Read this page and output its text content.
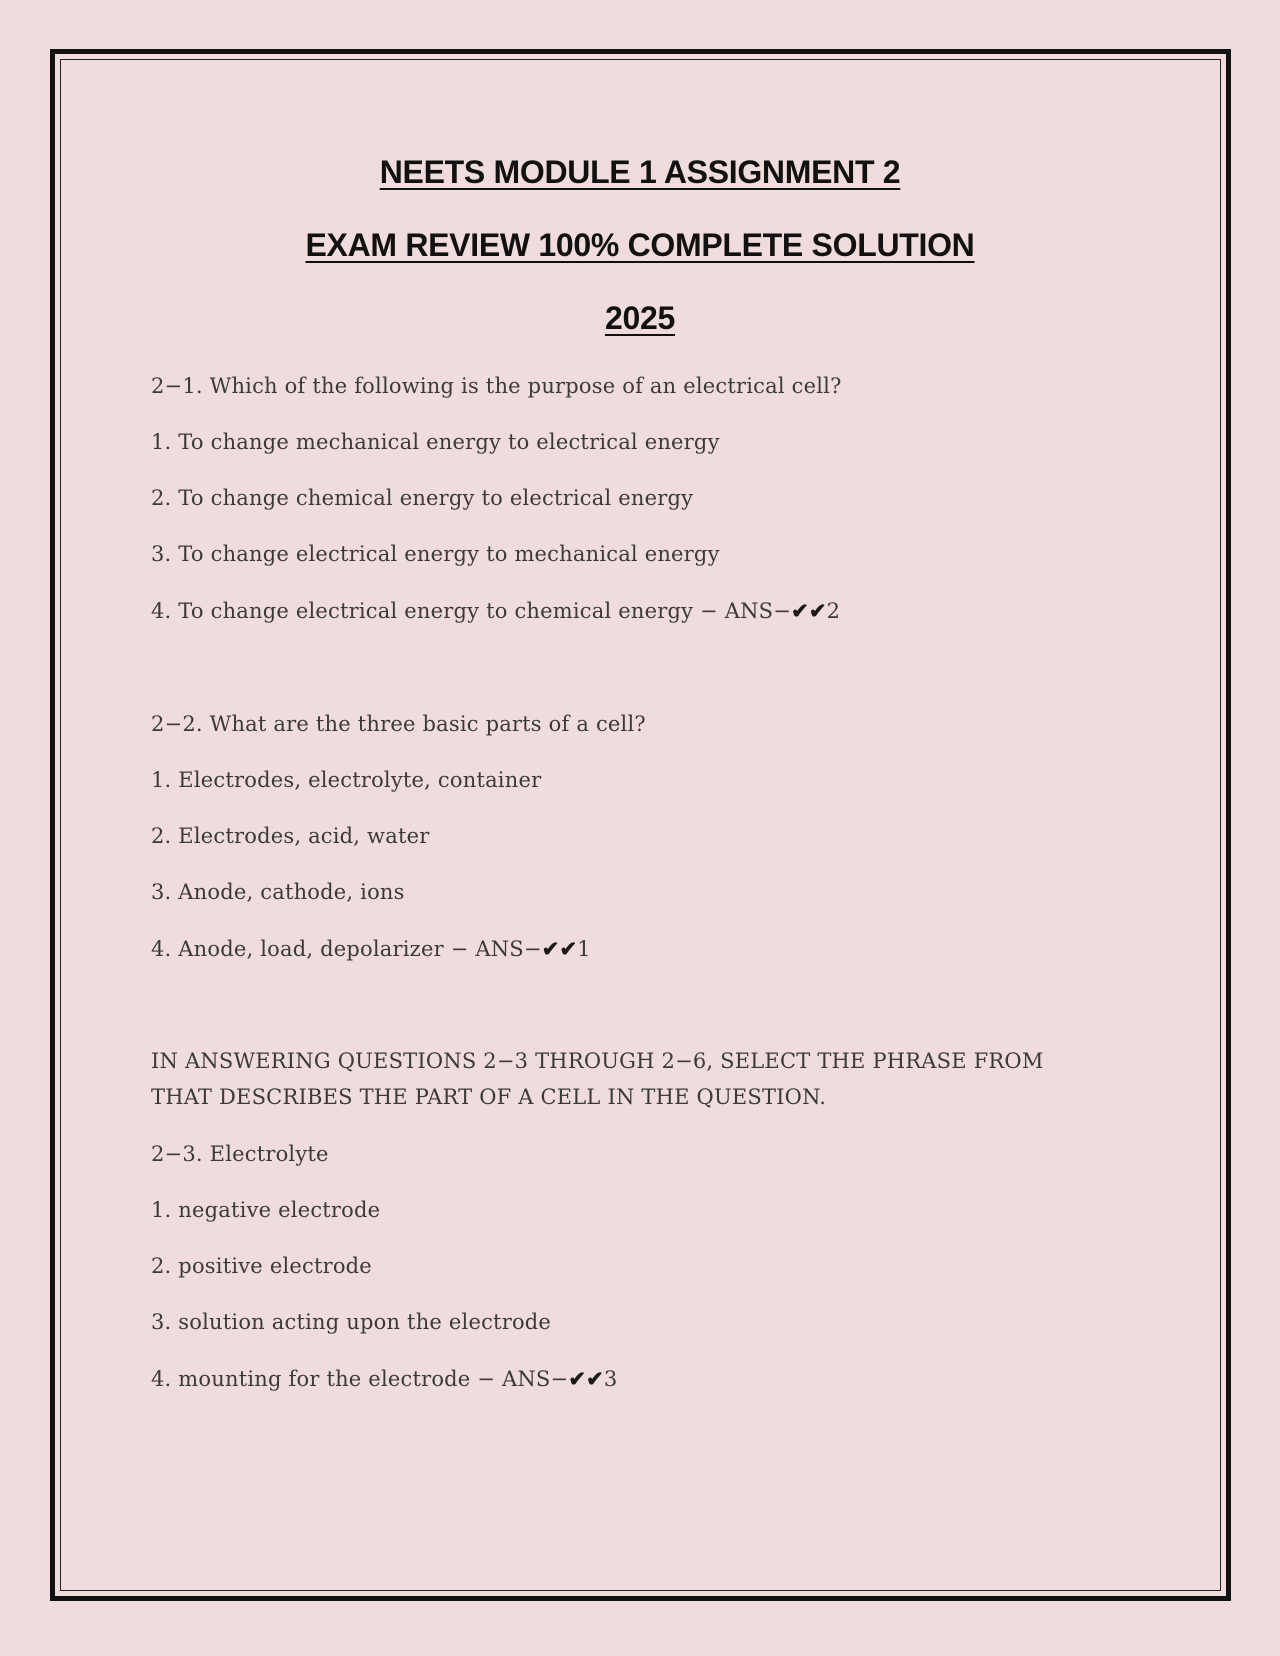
NEETS MODULE 1 ASSIGNMENT 2
EXAM REVIEW 100% COMPLETE SOLUTION
2025
2−1. Which of the following is the purpose of an electrical cell?
1. To change mechanical energy to electrical energy
2. To change chemical energy to electrical energy
3. To change electrical energy to mechanical energy
4. To change electrical energy to chemical energy − ANS−✔✔2
2−2. What are the three basic parts of a cell?
1. Electrodes, electrolyte, container
2. Electrodes, acid, water
3. Anode, cathode, ions
4. Anode, load, depolarizer − ANS−✔✔1
IN ANSWERING QUESTIONS 2−3 THROUGH 2−6, SELECT THE PHRASE FROM
THAT DESCRIBES THE PART OF A CELL IN THE QUESTION.
2−3. Electrolyte
1. negative electrode
2. positive electrode
3. solution acting upon the electrode
4. mounting for the electrode − ANS−✔✔3
